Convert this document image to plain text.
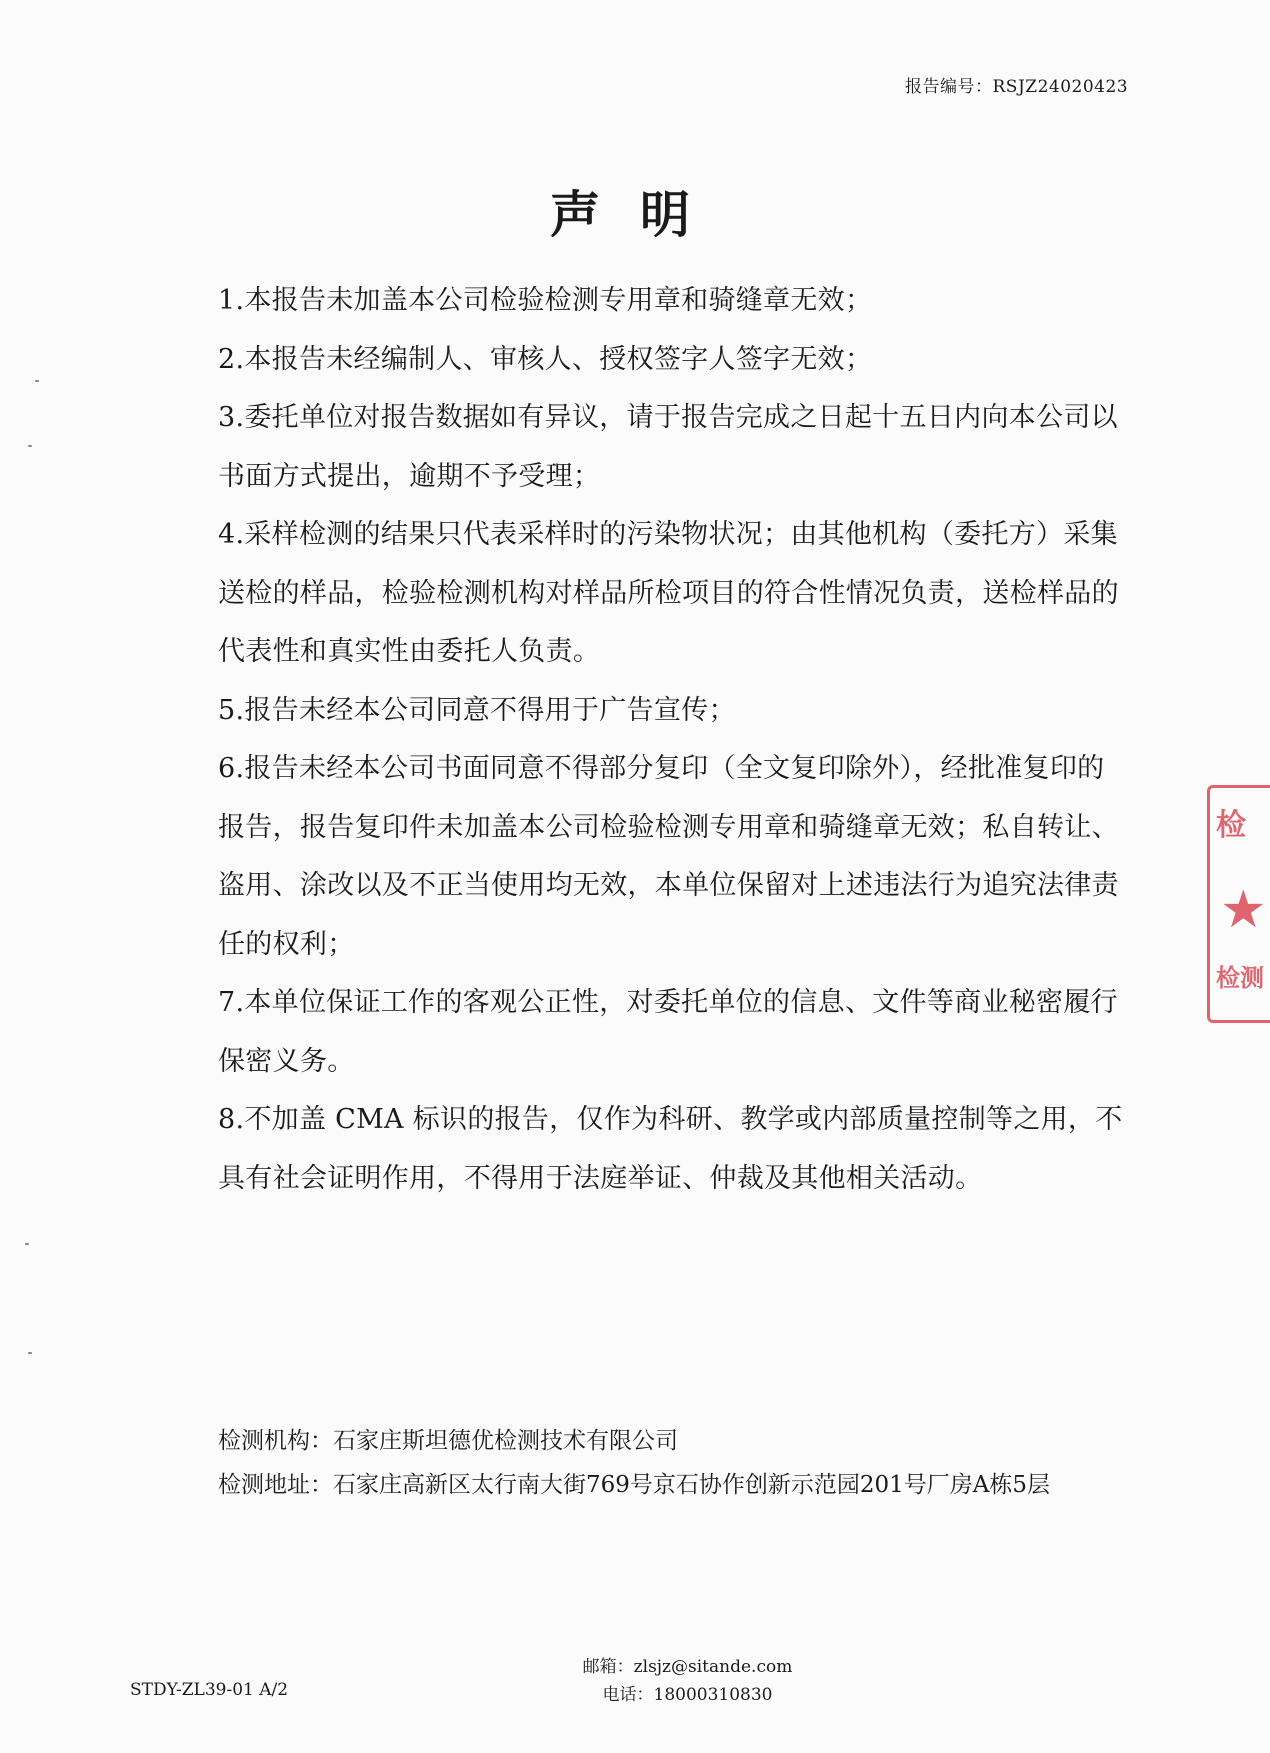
报告编号：RSJZ24020423
声明

1.本报告未加盖本公司检验检测专用章和骑缝章无效；

2.本报告未经编制人、审核人、授权签字人签字无效；

3.委托单位对报告数据如有异议，请于报告完成之日起十五日内向本公司以书面方式提出，逾期不予受理；

4.采样检测的结果只代表采样时的污染物状况；由其他机构（委托方）采集送检的样品，检验检测机构对样品所检项目的符合性情况负责，送检样品的代表性和真实性由委托人负责。

5.报告未经本公司同意不得用于广告宣传；

6.报告未经本公司书面同意不得部分复印（全文复印除外），经批准复印的报告，报告复印件未加盖本公司检验检测专用章和骑缝章无效；私自转让、盗用、涂改以及不正当使用均无效，本单位保留对上述违法行为追究法律责任的权利；

7.本单位保证工作的客观公正性，对委托单位的信息、文件等商业秘密履行保密义务。

8.不加盖 CMA 标识的报告，仅作为科研、教学或内部质量控制等之用，不具有社会证明作用，不得用于法庭举证、仲裁及其他相关活动。

检测机构：石家庄斯坦德优检测技术有限公司
检测地址：石家庄高新区太行南大街769号京石协作创新示范园201号厂房A栋5层
邮箱：zlsjz@sitande.com
电话：18000310830
STDY-ZL39-01 A/2
检
★
检测
